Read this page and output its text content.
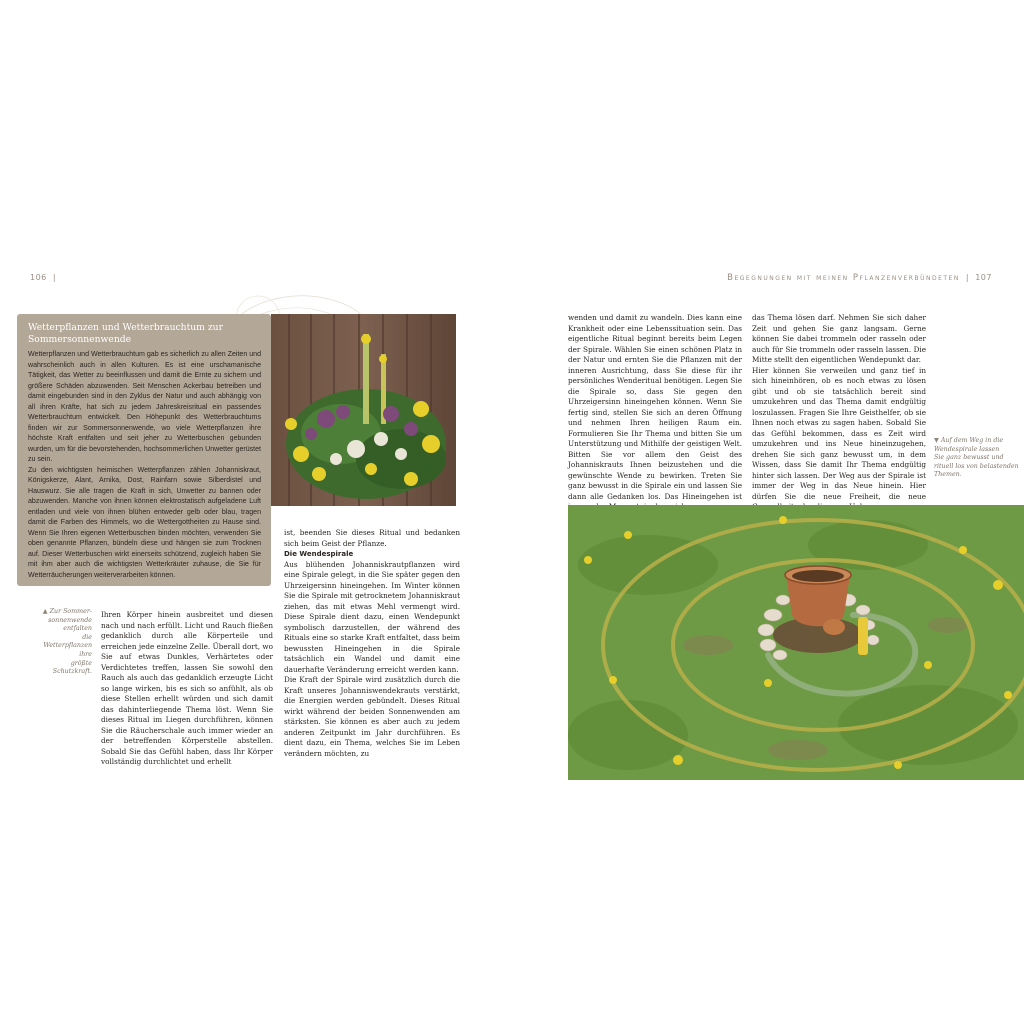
106 |	Begegnungen mit meinen Pflanzenverbündeten | 107
Wetterpflanzen und Wetterbrauchtum zur Sommersonnenwende
Wetterpflanzen und Wetterbrauchtum gab es sicherlich zu allen Zeiten und wahrscheinlich auch in allen Kulturen. Es ist eine urschamanische Tätigkeit, das Wetter zu beeinflussen und damit die Ernte zu sichern und größere Schäden abzuwenden. Seit Menschen Ackerbau betreiben und damit eingebunden sind in den Zyklus der Natur und auch abhängig von all ihren Kräfte, hat sich zu jedem Jahreskreisritual ein passendes Wetterbrauchtum entwickelt. Den Höhepunkt des Wetterbrauchtums finden wir zur Sommersonnenwende, wo viele Wetterpflanzen ihre höchste Kraft entfalten und seit jeher zu Wetterbuschen gebunden wurden, um für die bevorstehenden, hochsommerlichen Unwetter gerüstet zu sein.
Zu den wichtigsten heimischen Wetterpflanzen zählen Johanniskraut, Königskerze, Alant, Arnika, Dost, Rainfarn sowie Silberdistel und Hauswurz. Sie alle tragen die Kraft in sich, Unwetter zu bannen oder abzuwenden. Manche von ihnen können elektrostatisch aufgeladene Luft entladen und viele von ihnen blühen entweder gelb oder blau, tragen damit die Farben des Himmels, wo die Wettergottheiten zu Hause sind. Wenn Sie Ihren eigenen Wetterbuschen binden möchten, verwenden Sie oben genannte Pflanzen, bündeln diese und hängen sie zum Trocknen auf. Dieser Wetterbuschen wirkt einerseits schützend, zugleich haben Sie mit ihm aber auch die wichtigsten Wetterkräuter zuhause, die Sie für Wetterräucherungen weiterverarbeiten können.
▲ Zur Sommer-
sonnenwende entfalten
die Wetterpflanzen ihre
größte Schutzkraft.
Ihren Körper hinein ausbreitet und diesen nach und nach erfüllt. Licht und Rauch fließen gedanklich durch alle Körperteile und erreichen jede einzelne Zelle. Überall dort, wo Sie auf etwas Dunkles, Verhärtetes oder Verdichtetes treffen, lassen Sie sowohl den Rauch als auch das gedanklich erzeugte Licht so lange wirken, bis es sich so anfühlt, als ob diese Stellen erhellt würden und sich damit das dahinterliegende Thema löst. Wenn Sie dieses Ritual im Liegen durchführen, können Sie die Räucherschale auch immer wieder an der betreffenden Körperstelle abstellen. Sobald Sie das Gefühl haben, dass Ihr Körper vollständig durchlichtet und erhellt
ist, beenden Sie dieses Ritual und bedanken sich beim Geist der Pflanze.
Die Wendespirale
Aus blühenden Johanniskrautpflanzen wird eine Spirale gelegt, in die Sie später gegen den Uhrzeigersinn hineingehen. Im Winter können Sie die Spirale mit getrocknetem Johanniskraut ziehen, das mit etwas Mehl vermengt wird. Diese Spirale dient dazu, einen Wendepunkt symbolisch darzustellen, der während des Rituals eine so starke Kraft entfaltet, dass beim bewussten Hineingehen in die Spirale tatsächlich ein Wandel und damit eine dauerhafte Veränderung erreicht werden kann.
Die Kraft der Spirale wird zusätzlich durch die Kraft unseres Johanniswendekrauts verstärkt, die Energien werden gebündelt. Dieses Ritual wirkt während der beiden Sonnenwenden am stärksten. Sie können es aber auch zu jedem anderen Zeitpunkt im Jahr durchführen. Es dient dazu, ein Thema, welches Sie im Leben verändern möchten, zu
wenden und damit zu wandeln. Dies kann eine Krankheit oder eine Lebenssituation sein. Das eigentliche Ritual beginnt bereits beim Legen der Spirale. Wählen Sie einen schönen Platz in der Natur und ernten Sie die Pflanzen mit der inneren Ausrichtung, dass Sie diese für ihr persönliches Wenderitual benötigen. Legen Sie die Spirale so, dass Sie gegen den Uhrzeigersinn hineingehen können. Wenn Sie fertig sind, stellen Sie sich an deren Öffnung und nehmen Ihren heiligen Raum ein. Formulieren Sie Ihr Thema und bitten Sie um Unterstützung und Mithilfe der geistigen Welt. Bitten Sie vor allem den Geist des Johanniskrauts Ihnen beizustehen und die gewünschte Wende zu bewirken. Treten Sie ganz bewusst in die Spirale ein und lassen Sie dann alle Gedanken los. Das Hineingehen ist
das Thema lösen darf. Nehmen Sie sich daher Zeit und gehen Sie ganz langsam. Gerne können Sie dabei trommeln oder rasseln oder auch für Sie trommeln oder rasseln lassen. Die Mitte stellt den eigentlichen Wendepunkt dar.
Hier können Sie verweilen und ganz tief in sich hineinhören, ob es noch etwas zu lösen gibt und ob sie tatsächlich bereit sind umzukehren und das Thema damit endgültig loszulassen. Fragen Sie Ihre Geisthelfer, ob sie Ihnen noch etwas zu sagen haben. Sobald Sie das Gefühl bekommen, dass es Zeit wird umzukehren und ins Neue hineinzugehen, drehen Sie sich ganz bewusst um, in dem Wissen, dass Sie damit Ihr Thema endgültig hinter sich lassen. Der Weg aus der Spirale ist immer der Weg in das Neue hinein. Hier dürfen Sie die neue Freiheit, die neue
▼ Auf dem Weg in die
Wendespirale lassen
Sie ganz bewusst und
rituell los von belastenden
Themen.
